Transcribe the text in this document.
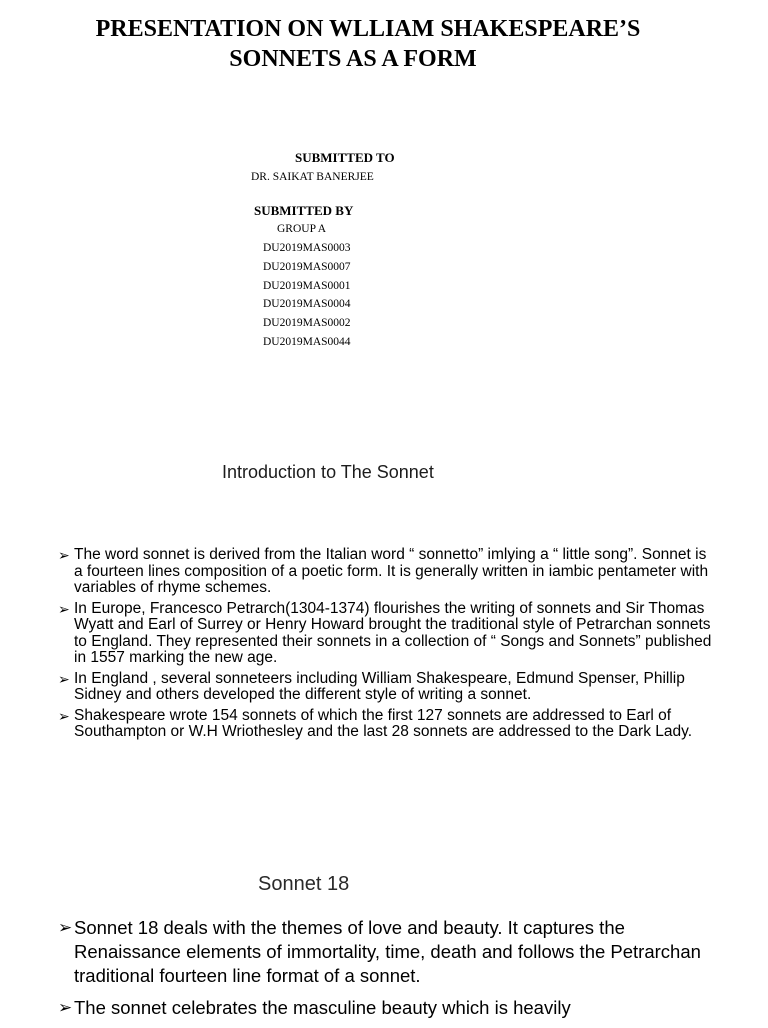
PRESENTATION ON WLLIAM SHAKESPEARE’S
SONNETS AS A FORM
SUBMITTED TO
DR. SAIKAT BANERJEE
SUBMITTED BY
GROUP A
DU2019MAS0003
DU2019MAS0007
DU2019MAS0001
DU2019MAS0004
DU2019MAS0002
DU2019MAS0044
Introduction to The Sonnet
➢ The word sonnet is derived from the Italian word “ sonnetto” imlying a “ little song”. Sonnet is a fourteen lines composition of a poetic form. It is generally written in iambic pentameter with variables of rhyme schemes.
➢ In Europe, Francesco Petrarch(1304-1374) flourishes the writing of sonnets and Sir Thomas Wyatt and Earl of Surrey or Henry Howard brought the traditional style of Petrarchan sonnets to England. They represented their sonnets in a collection of “ Songs and Sonnets” published in 1557 marking the new age.
➢ In England , several sonneteers including William Shakespeare, Edmund Spenser, Phillip Sidney and others developed the different style of writing a sonnet.
➢ Shakespeare wrote 154 sonnets of which the first 127 sonnets are addressed to Earl of Southampton or W.H Wriothesley and the last 28 sonnets are addressed to the Dark Lady.
Sonnet 18
➢ Sonnet 18 deals with the themes of love and beauty. It captures the Renaissance elements of immortality, time, death and follows the Petrarchan traditional fourteen line format of a sonnet.
➢ The sonnet celebrates the masculine beauty which is heavily
